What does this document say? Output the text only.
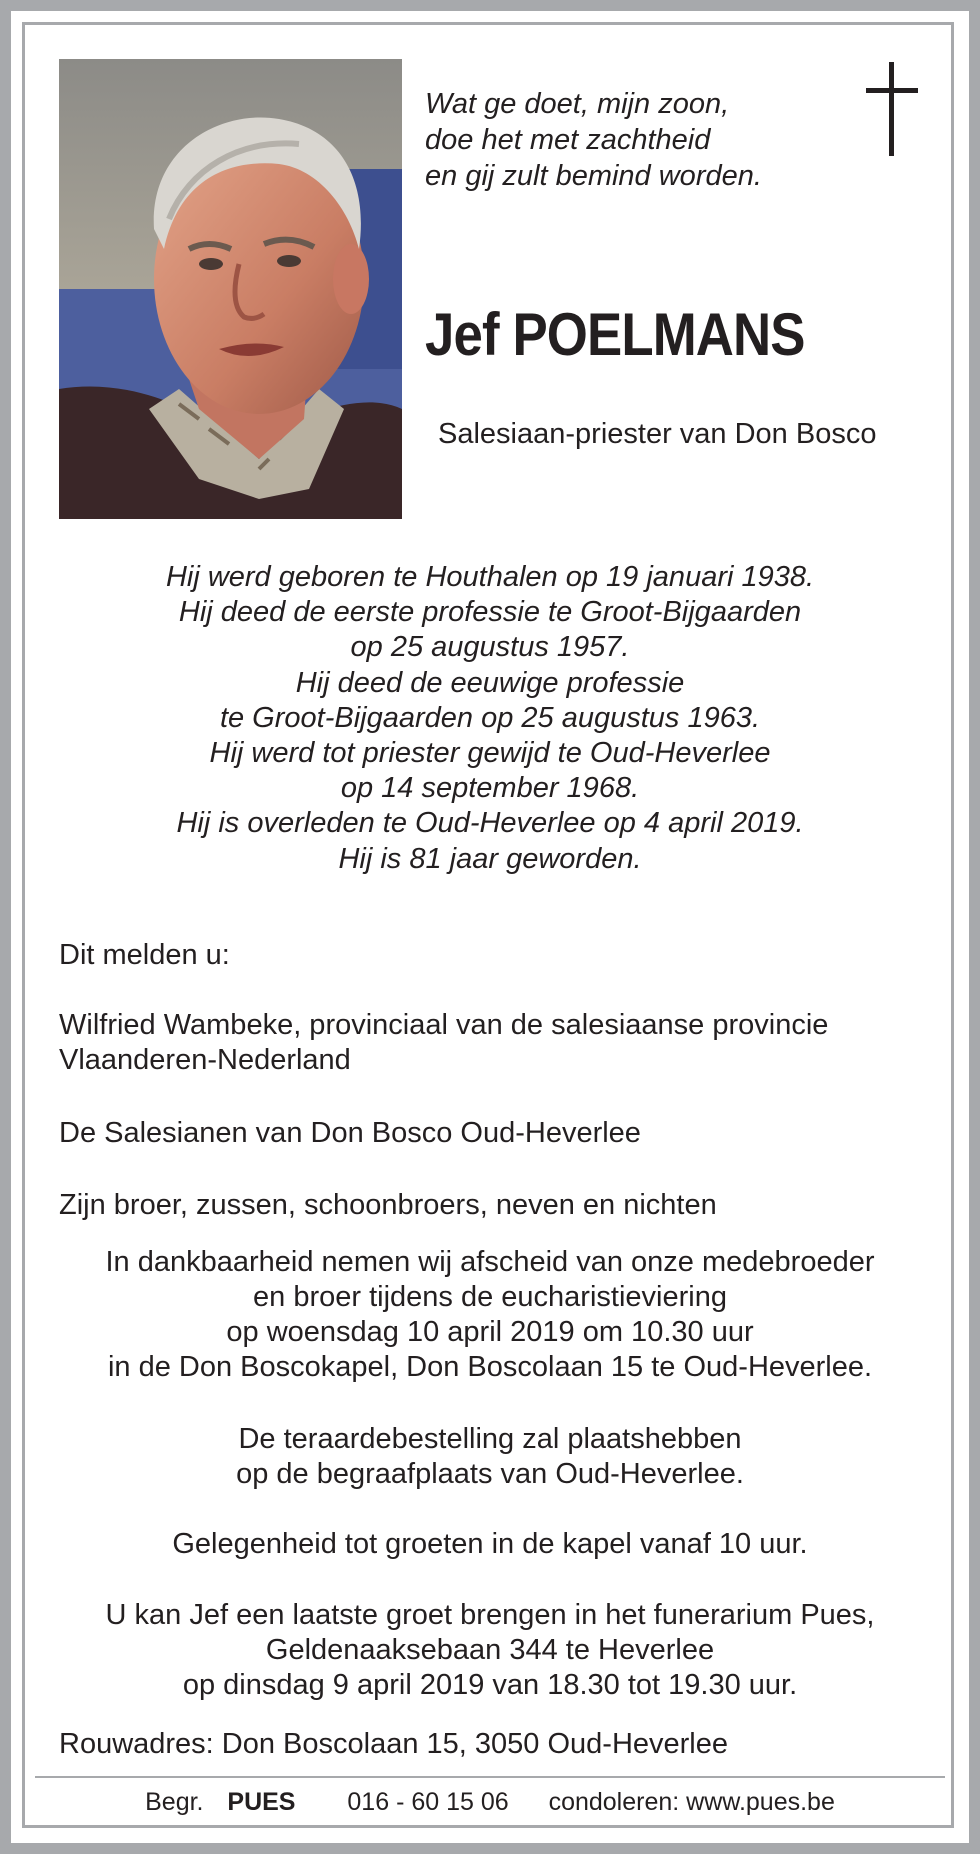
Wat ge doet, mijn zoon,
doe het met zachtheid
en gij zult bemind worden.
Jef POELMANS
Salesiaan-priester van Don Bosco
Hij werd geboren te Houthalen op 19 januari 1938.
Hij deed de eerste professie te Groot-Bijgaarden
op 25 augustus 1957.
Hij deed de eeuwige professie
te Groot-Bijgaarden op 25 augustus 1963.
Hij werd tot priester gewijd te Oud-Heverlee
op 14 september 1968.
Hij is overleden te Oud-Heverlee op 4 april 2019.
Hij is 81 jaar geworden.
Dit melden u:
Wilfried Wambeke, provinciaal van de salesiaanse provincie
Vlaanderen-Nederland
De Salesianen van Don Bosco Oud-Heverlee
Zijn broer, zussen, schoonbroers, neven en nichten
In dankbaarheid nemen wij afscheid van onze medebroeder
en broer tijdens de eucharistieviering
op woensdag 10 april 2019 om 10.30 uur
in de Don Boscokapel, Don Boscolaan 15 te Oud-Heverlee.
De teraardebestelling zal plaatshebben
op de begraafplaats van Oud-Heverlee.
Gelegenheid tot groeten in de kapel vanaf 10 uur.
U kan Jef een laatste groet brengen in het funerarium Pues,
Geldenaaksebaan 344 te Heverlee
op dinsdag 9 april 2019 van 18.30 tot 19.30 uur.
Rouwadres: Don Boscolaan 15, 3050 Oud-Heverlee
Begr. PUES 016 - 60 15 06 condoleren: www.pues.be
